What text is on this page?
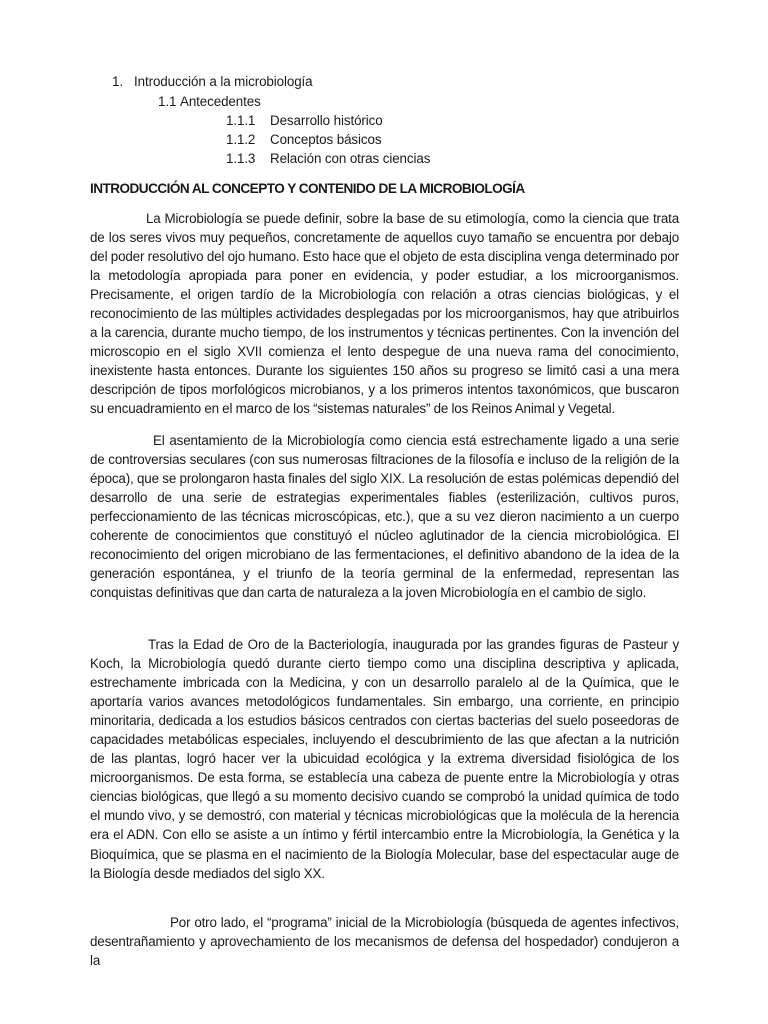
1. Introducción a la microbiología
1.1 Antecedentes
1.1.1 Desarrollo histórico
1.1.2 Conceptos básicos
1.1.3 Relación con otras ciencias
INTRODUCCIÓN AL CONCEPTO Y CONTENIDO DE LA MICROBIOLOGÍA

La Microbiología se puede definir, sobre la base de su etimología, como la ciencia que trata de los seres vivos muy pequeños, concretamente de aquellos cuyo tamaño se encuentra por debajo del poder resolutivo del ojo humano. Esto hace que el objeto de esta disciplina venga determinado por la metodología apropiada para poner en evidencia, y poder estudiar, a los microorganismos. Precisamente, el origen tardío de la Microbiología con relación a otras ciencias biológicas, y el reconocimiento de las múltiples actividades desplegadas por los microorganismos, hay que atribuirlos a la carencia, durante mucho tiempo, de los instrumentos y técnicas pertinentes. Con la invención del microscopio en el siglo XVII comienza el lento despegue de una nueva rama del conocimiento, inexistente hasta entonces. Durante los siguientes 150 años su progreso se limitó casi a una mera descripción de tipos morfológicos microbianos, y a los primeros intentos taxonómicos, que buscaron su encuadramiento en el marco de los “sistemas naturales” de los Reinos Animal y Vegetal.

El asentamiento de la Microbiología como ciencia está estrechamente ligado a una serie de controversias seculares (con sus numerosas filtraciones de la filosofía e incluso de la religión de la época), que se prolongaron hasta finales del siglo XIX. La resolución de estas polémicas dependió del desarrollo de una serie de estrategias experimentales fiables (esterilización, cultivos puros, perfeccionamiento de las técnicas microscópicas, etc.), que a su vez dieron nacimiento a un cuerpo coherente de conocimientos que constituyó el núcleo aglutinador de la ciencia microbiológica. El reconocimiento del origen microbiano de las fermentaciones, el definitivo abandono de la idea de la generación espontánea, y el triunfo de la teoría germinal de la enfermedad, representan las conquistas definitivas que dan carta de naturaleza a la joven Microbiología en el cambio de siglo.

Tras la Edad de Oro de la Bacteriología, inaugurada por las grandes figuras de Pasteur y Koch, la Microbiología quedó durante cierto tiempo como una disciplina descriptiva y aplicada, estrechamente imbricada con la Medicina, y con un desarrollo paralelo al de la Química, que le aportaría varios avances metodológicos fundamentales. Sin embargo, una corriente, en principio minoritaria, dedicada a los estudios básicos centrados con ciertas bacterias del suelo poseedoras de capacidades metabólicas especiales, incluyendo el descubrimiento de las que afectan a la nutrición de las plantas, logró hacer ver la ubicuidad ecológica y la extrema diversidad fisiológica de los microorganismos. De esta forma, se establecía una cabeza de puente entre la Microbiología y otras ciencias biológicas, que llegó a su momento decisivo cuando se comprobó la unidad química de todo el mundo vivo, y se demostró, con material y técnicas microbiológicas que la molécula de la herencia era el ADN. Con ello se asiste a un íntimo y fértil intercambio entre la Microbiología, la Genética y la Bioquímica, que se plasma en el nacimiento de la Biología Molecular, base del espectacular auge de la Biología desde mediados del siglo XX.

Por otro lado, el “programa” inicial de la Microbiología (búsqueda de agentes infectivos, desentrañamiento y aprovechamiento de los mecanismos de defensa del hospedador) condujeron a la
